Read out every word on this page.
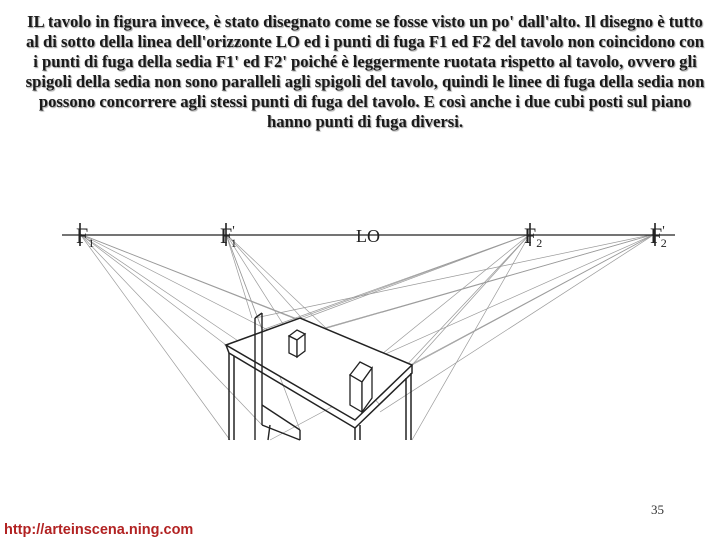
IL tavolo in figura invece, è stato disegnato come se fosse visto un po' dall'alto. Il disegno è tutto al di sotto della linea dell'orizzonte LO ed i punti di fuga F1 ed F2 del tavolo non coincidono con i punti di fuga della sedia F1' ed F2' poiché è leggermente ruotata rispetto al tavolo, ovvero gli spigoli della sedia non sono paralleli agli spigoli del tavolo, quindi le linee di fuga della sedia non possono concorrere agli stessi punti di fuga del tavolo. E così anche i due cubi posti sul piano hanno punti di fuga diversi.

F1	F' 1	LO	F2	F' 2
35
http://arteinscena.ning.com
